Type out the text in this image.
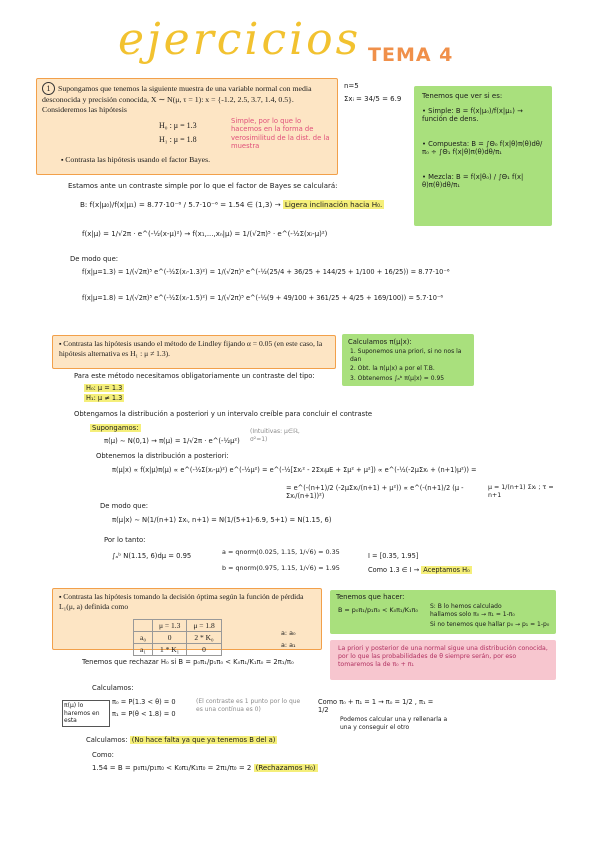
ejercicios TEMA 4
1 Supongamos que tenemos la siguiente muestra de una variable normal con media desconocida y precisión conocida, X ∼ N(μ, τ = 1): x = {-1.2, 2.5, 3.7, 1.4, 0.5}. Consideremos las hipótesis
H₀ : μ = 1.3
H₁ : μ = 1.8
Simple, por lo que lo hacemos en la forma de verosimilitud de la dist. de la muestra
▪ Contrasta las hipótesis usando el factor Bayes.
n=5
Σxᵢ = 34/5 = 6.9	Tenemos que ver si es:
• Simple: B = f(x|μ₀)/f(x|μ₁) → función de dens.
• Compuesta: B = ∫Θ₀ f(x|θ)π(θ)dθ/π₀ ÷ ∫Θ₁ f(x|θ)π(θ)dθ/π₁
• Mezcla: B = f(x|θ₀) / ∫Θ₁ f(x|θ)π(θ)dθ/π₁
Estamos ante un contraste simple por lo que el factor de Bayes se calculará:
B: f(x|μ₀)/f(x|μ₁) = 8.77·10⁻⁶ / 5.7·10⁻⁶ = 1.54 ∈ (1,3) → Ligera inclinación hacia H₀.
f(x|μ) = 1/√2π · e^(-½(x-μ)²) → f(x₁,...,xₙ|μ) = 1/(√2π)⁵ · e^(-½Σ(xᵢ-μ)²)
De modo que:
f(x|μ=1.3) = 1/(√2π)⁵ e^(-½Σ(xᵢ-1.3)²) = 1/(√2π)⁵ e^(-½(25/4 + 36/25 + 144/25 + 1/100 + 16/25)) = 8.77·10⁻⁶
f(x|μ=1.8) = 1/(√2π)⁵ e^(-½Σ(xᵢ-1.5)²) = 1/(√2π)⁵ e^(-½(9 + 49/100 + 361/25 + 4/25 + 169/100)) = 5.7·10⁻⁶
▪ Contrasta las hipótesis usando el método de Lindley fijando α = 0.05 (en este caso, la hipótesis alternativa es H₁ : μ ≠ 1.3).
Calculamos π(μ|x):
1. Suponemos una priori, si no nos la dan
2. Obt. la π(μ|x) a por el T.B.
3. Obtenemos ∫ₐᵇ π(μ|x) = 0.95
Para este método necesitamos obligatoriamente un contraste del tipo:
H₀: μ = 1.3
H₁: μ ≠ 1.3
Obtengamos la distribución a posteriori y un intervalo creíble para concluir el contraste
Supongamos:
π(μ) ∼ N(0,1) → π(μ) = 1/√2π · e^(-½μ²)
(Intuitivas: μ∈ℝ, σ²=1)
Obtenemos la distribución a posteriori:
π(μ|x) ∝ f(x|μ)π(μ) ∝ e^(-½Σ(xᵢ-μ)²) e^(-½μ²) = e^(-½[Σxᵢ² - 2ΣxᵢμE + Σμ² + μ²]) ∝ e^(-½(-2μΣxᵢ + (n+1)μ²)) =
= e^(-(n+1)/2 (-2μΣxᵢ/(n+1) + μ²)) ∝ e^(-(n+1)/2 (μ - Σxᵢ/(n+1))²)
μ = 1/(n+1) Σxᵢ ; τ = n+1
De modo que:
π(μ|x) ∼ N(1/(n+1) Σxᵢ, n+1) = N(1/(5+1)·6.9, 5+1) = N(1.15, 6)
Por lo tanto:
∫ₐᵇ N(1.15, 6)dμ = 0.95	a = qnorm(0.025, 1.15, 1/√6) = 0.35
b = qnorm(0.975, 1.15, 1/√6) = 1.95
I = [0.35, 1.95]
Como 1.3 ∈ I → Aceptamos H₀
▪ Contrasta las hipótesis tomando la decisión óptima según la función de pérdida L₁(μ, a) definida como
	μ = 1.3	μ = 1.8
a₀	0	2 * K₀
a₁	1 * K₁	0
a: a₀
a: a₁
Tenemos que hacer:
B = p₀π₁/p₁π₀ < K₀π₁/K₁π₀ S: B lo hemos calculado
hallamos solo π₀ → π₁ = 1-π₀
Si no tenemos que hallar p₀ → p₁ = 1-p₀
La priori y posterior de una normal sigue una distribución conocida, por lo que las probabilidades de θ siempre serán, por eso tomaremos la de π₀ + π₁
Tenemos que rechazar H₀ si B = p₀π₁/p₁π₀ < K₀π₁/K₁π₀ = 2π₁/π₀
Calculamos:
π(μ) lo haremos en esta
π₀ = P(1.3 < θ) = 0
π₁ = P(θ < 1.8) = 0
(El contraste es 1 punto por lo que es una contínua es 0)
Como π₀ + π₁ = 1 → π₀ = 1/2 , π₁ = 1/2
Podemos calcular una y rellenarla a una y conseguir el otro
Calculamos: (No hace falta ya que ya tenemos B del a)
Como:
1.54 = B = p₀π₁/p₁π₀ < K₀π₁/K₁π₀ = 2π₁/π₀ = 2 (Rechazamos H₀)
